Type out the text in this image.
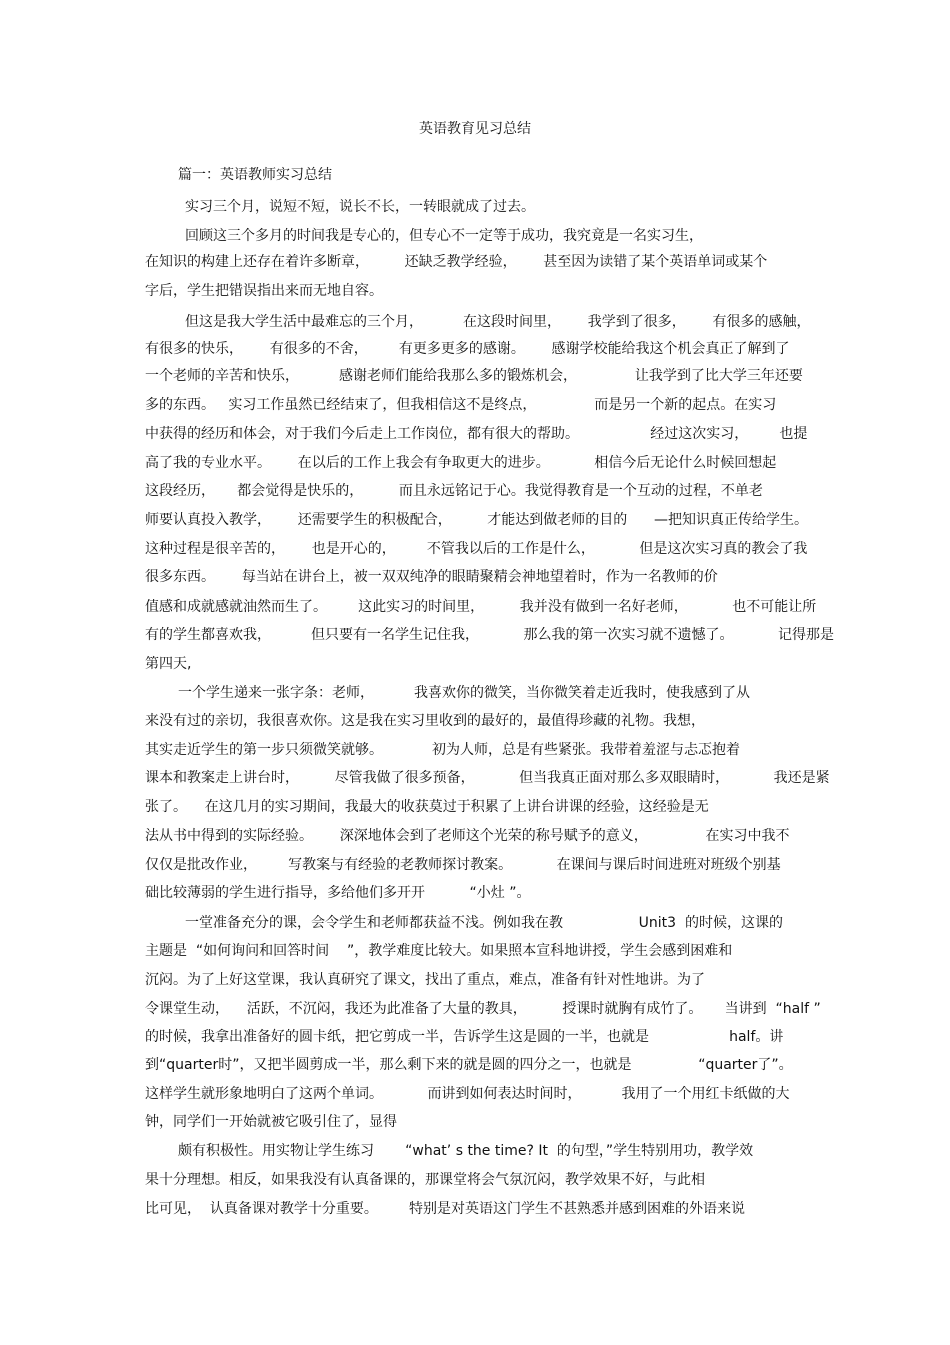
英语教育见习总结
篇一：英语教师实习总结
实习三个月，说短不短，说长不长，一转眼就成了过去。
回顾这三个多月的时间我是专心的，但专心不一定等于成功，我究竟是一名实习生，
在知识的构建上还存在着许多断章，        还缺乏教学经验，      甚至因为读错了某个英语单词或某个
字后，学生把错误指出来而无地自容。
但这是我大学生活中最难忘的三个月，         在这段时间里，      我学到了很多，      有很多的感触，
有很多的快乐，      有很多的不舍，       有更多更多的感谢。      感谢学校能给我这个机会真正了解到了
一个老师的辛苦和快乐，         感谢老师们能给我那么多的锻炼机会，             让我学到了比大学三年还要
多的东西。   实习工作虽然已经结束了，但我相信这不是终点，             而是另一个新的起点。在实习
中获得的经历和体会，对于我们今后走上工作岗位，都有很大的帮助。                经过这次实习，       也提
高了我的专业水平。      在以后的工作上我会有争取更大的进步。          相信今后无论什么时候回想起
这段经历，     都会觉得是快乐的，        而且永远铭记于心。我觉得教育是一个互动的过程，不单老
师要认真投入教学，      还需要学生的积极配合，        才能达到做老师的目的      —把知识真正传给学生。
这种过程是很辛苦的，      也是开心的，       不管我以后的工作是什么，          但是这次实习真的教会了我
很多东西。      每当站在讲台上，被一双双纯净的眼睛聚精会神地望着时，作为一名教师的价
值感和成就感就油然而生了。       这此实习的时间里，        我并没有做到一名好老师，          也不可能让所
有的学生都喜欢我，         但只要有一名学生记住我，          那么我的第一次实习就不遗憾了。          记得那是
第四天,
一个学生递来一张字条：老师，         我喜欢你的微笑，当你微笑着走近我时，使我感到了从
来没有过的亲切，我很喜欢你。这是我在实习里收到的最好的，最值得珍藏的礼物。我想，
其实走近学生的第一步只须微笑就够。           初为人师，总是有些紧张。我带着羞涩与忐忑抱着
课本和教案走上讲台时，        尽管我做了很多预备，          但当我真正面对那么多双眼睛时，          我还是紧
张了。    在这几月的实习期间，我最大的收获莫过于积累了上讲台讲课的经验，这经验是无
法从书中得到的实际经验。      深深地体会到了老师这个光荣的称号赋予的意义，             在实习中我不
仅仅是批改作业，       写教案与有经验的老教师探讨教案。          在课间与课后时间进班对班级个别基
础比较薄弱的学生进行指导，多给他们多开开          “小灶 ”。
一堂准备充分的课，会令学生和老师都获益不浅。例如我在教                 Unit3  的时候，这课的
主题是  “如何询问和回答时间    ”，教学难度比较大。如果照本宣科地讲授，学生会感到困难和
沉闷。为了上好这堂课，我认真研究了课文，找出了重点，难点，准备有针对性地讲。为了
令课堂生动，    活跃，不沉闷，我还为此准备了大量的教具，        授课时就胸有成竹了。     当讲到  “half ”
的时候，我拿出准备好的圆卡纸，把它剪成一半，告诉学生这是圆的一半，也就是                  half。讲
到“quarter时”，又把半圆剪成一半，那么剩下来的就是圆的四分之一，也就是               “quarter了”。
这样学生就形象地明白了这两个单词。          而讲到如何表达时间时，         我用了一个用红卡纸做的大
钟，同学们一开始就被它吸引住了，显得
颇有积极性。用实物让学生练习       “what’ s the time? It  的句型，”学生特别用功，教学效
果十分理想。相反，如果我没有认真备课的，那课堂将会气氛沉闷，教学效果不好，与此相
比可见，  认真备课对教学十分重要。       特别是对英语这门学生不甚熟悉并感到困难的外语来说
